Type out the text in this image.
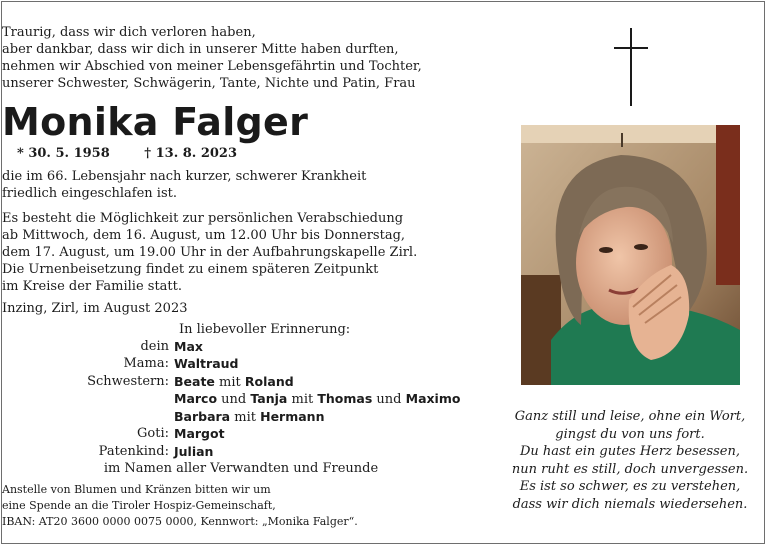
Traurig, dass wir dich verloren haben,
aber dankbar, dass wir dich in unserer Mitte haben durften,
nehmen wir Abschied von meiner Lebensgefährtin und Tochter,
unserer Schwester, Schwägerin, Tante, Nichte und Patin, Frau
Monika Falger
* 30. 5. 1958	† 13. 8. 2023
die im 66. Lebensjahr nach kurzer, schwerer Krankheit
friedlich eingeschlafen ist.
Es besteht die Möglichkeit zur persönlichen Verabschiedung
ab Mittwoch, dem 16. August, um 12.00 Uhr bis Donnerstag,
dem 17. August, um 19.00 Uhr in der Aufbahrungskapelle Zirl.
Die Urnenbeisetzung findet zu einem späteren Zeitpunkt
im Kreise der Familie statt.
Inzing, Zirl, im August 2023
In liebevoller Erinnerung:
dein Max
Mama: Waltraud
Schwestern: Beate mit Roland
Marco und Tanja mit Thomas und Maximo
Barbara mit Hermann
Goti: Margot
Patenkind: Julian
im Namen aller Verwandten und Freunde
Anstelle von Blumen und Kränzen bitten wir um
eine Spende an die Tiroler Hospiz-Gemeinschaft,
IBAN: AT20 3600 0000 0075 0000, Kennwort: „Monika Falger“.
Ganz still und leise, ohne ein Wort,
gingst du von uns fort.
Du hast ein gutes Herz besessen,
nun ruht es still, doch unvergessen.
Es ist so schwer, es zu verstehen,
dass wir dich niemals wiedersehen.
